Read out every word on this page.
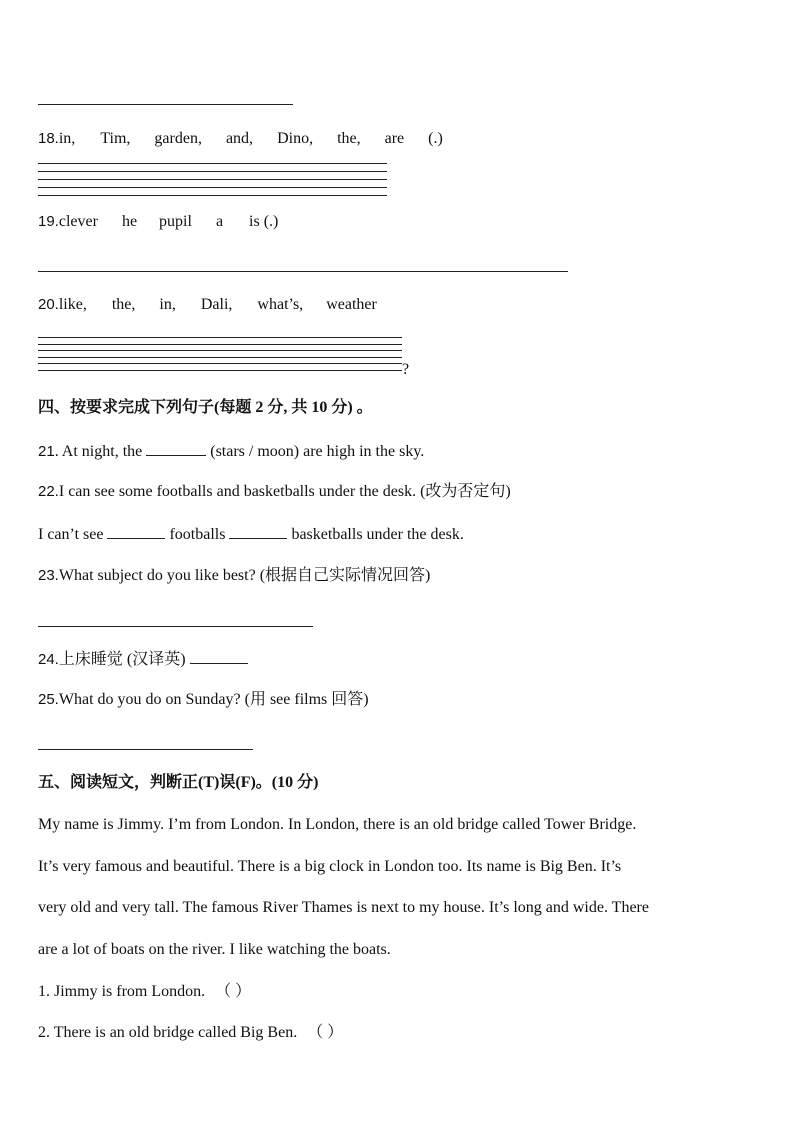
18.in, Tim, garden, and, Dino, the, are (.)
19.clever he pupil a is (.)
20.like, the, in, Dali, what’s, weather
?
四、按要求完成下列句子(每题 2 分, 共 10 分) 。
21. At night, the	(stars / moon) are high in the sky.
22.I can see some footballs and basketballs under the desk. (改为否定句)
I can’t see	footballs	basketballs under the desk.
23.What subject do you like best? (根据自己实际情况回答)
24.上床睡觉 (汉译英)
25.What do you do on Sunday? (用 see films 回答)
五、阅读短文，判断正(T)误(F)。(10 分)
My name is Jimmy. I’m from London. In London, there is an old bridge called Tower Bridge.
It’s very famous and beautiful. There is a big clock in London too. Its name is Big Ben. It’s
very old and very tall. The famous River Thames is next to my house. It’s long and wide. There
are a lot of boats on the river. I like watching the boats.
1. Jimmy is from London. （ ）
2. There is an old bridge called Big Ben. （ ）
